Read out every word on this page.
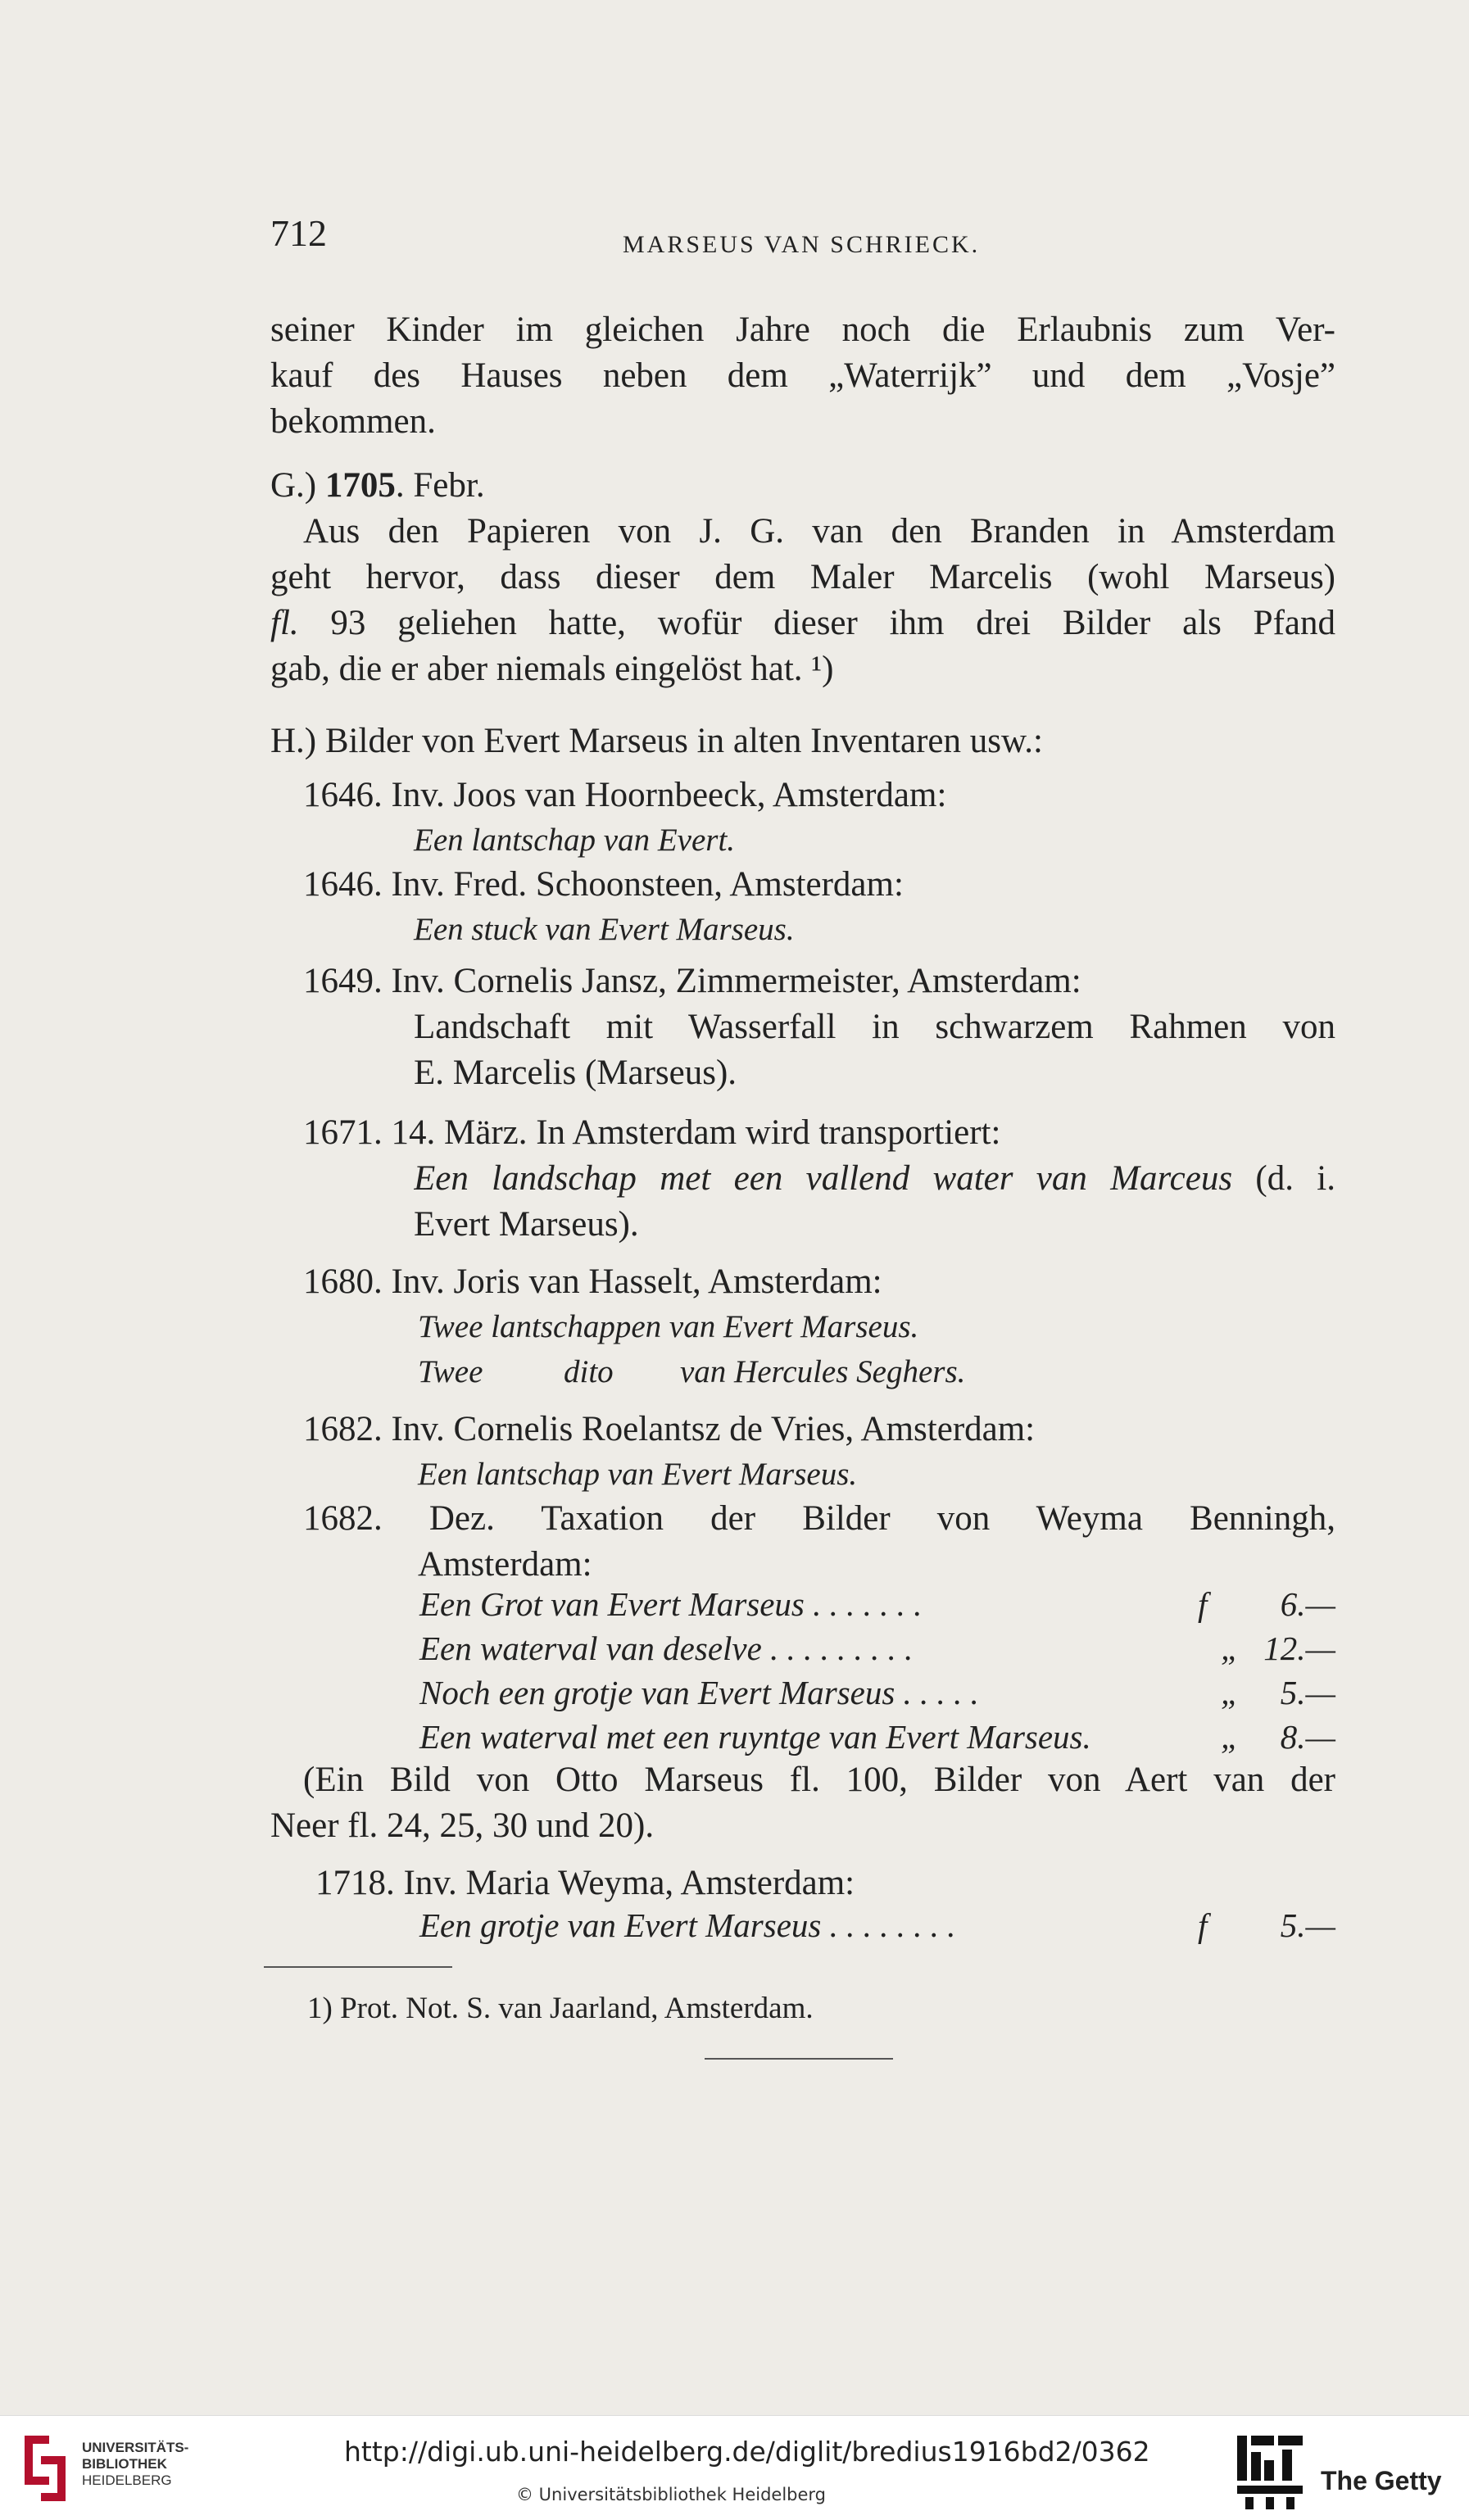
712	MARSEUS VAN SCHRIECK.
seiner Kinder im gleichen Jahre noch die Erlaubnis zum Ver-
kauf des Hauses neben dem „Waterrijk” und dem „Vosje”
bekommen.
G.) 1705. Febr.
Aus den Papieren von J. G. van den Branden in Amsterdam
geht hervor, dass dieser dem Maler Marcelis (wohl Marseus)
fl. 93 geliehen hatte, wofür dieser ihm drei Bilder als Pfand
gab, die er aber niemals eingelöst hat. ¹)
H.) Bilder von Evert Marseus in alten Inventaren usw.:
1646. Inv. Joos van Hoornbeeck, Amsterdam:
Een lantschap van Evert.
1646. Inv. Fred. Schoonsteen, Amsterdam:
Een stuck van Evert Marseus.
1649. Inv. Cornelis Jansz, Zimmermeister, Amsterdam:
Landschaft mit Wasserfall in schwarzem Rahmen von
E. Marcelis (Marseus).
1671. 14. März. In Amsterdam wird transportiert:
Een landschap met een vallend water van Marceus (d. i.
Evert Marseus).
1680. Inv. Joris van Hasselt, Amsterdam:
Twee lantschappen van Evert Marseus.
Twee	dito van Hercules Seghers.
1682. Inv. Cornelis Roelantsz de Vries, Amsterdam:
Een lantschap van Evert Marseus.
1682. Dez. Taxation der Bilder von Weyma Benningh,
Amsterdam:
Een Grot van Evert Marseus . . . . . . .	f	6.—
Een waterval van deselve . . . . . . . . .	„ 12.—
Noch een grotje van Evert Marseus . . . . .	„	5.—
Een waterval met een ruyntge van Evert Marseus.	„	8.—
(Ein Bild von Otto Marseus fl. 100, Bilder von Aert van der
Neer fl. 24, 25, 30 und 20).
1718. Inv. Maria Weyma, Amsterdam:
Een grotje van Evert Marseus . . . . . . . .	f	5.—
1) Prot. Not. S. van Jaarland, Amsterdam.
UNIVERSITÄTS-
BIBLIOTHEK
HEIDELBERG
http://digi.ub.uni-heidelberg.de/diglit/bredius1916bd2/0362
© Universitätsbibliothek Heidelberg	The Getty
